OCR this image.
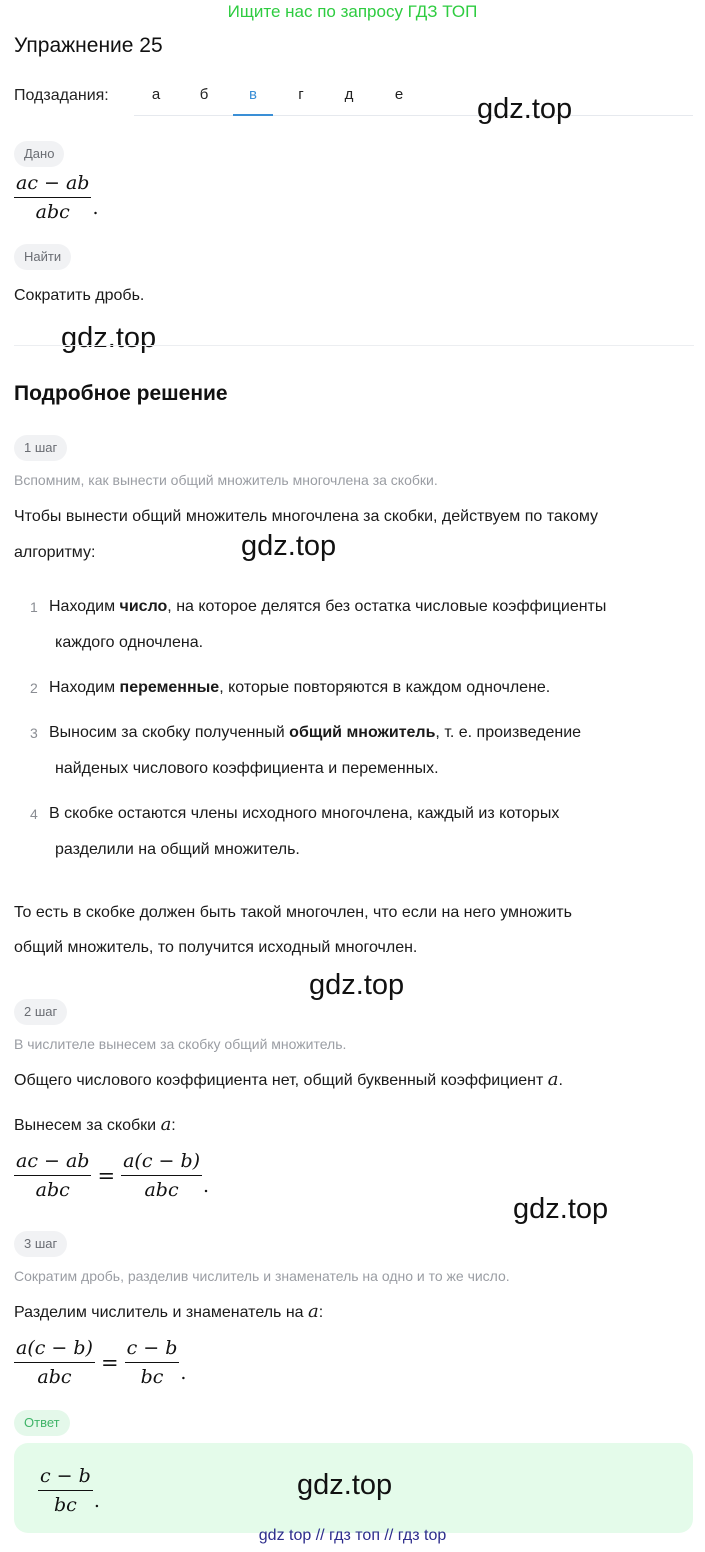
Ищите нас по запросу ГДЗ ТОП
Упражнение 25
Подзадания:	а	б	в	г	д	е	gdz.top
Дано
$\frac{ac - ab}{\text{abc}}$ .
Найти
Сократить дробь.
gdz.top
Подробное решение
1 шаг
Вспомним, как вынести общий множитель многочлена за скобки.
Чтобы вынести общий множитель многочлена за скобки, действуем по такому
алгоритму:	gdz.top
1 Находим число, на которое делятся без остатка числовые коэффициенты
каждого одночлена.
2 Находим переменные, которые повторяются в каждом одночлене.
3 Выносим за скобку полученный общий множитель, т. е. произведение
найденых числового коэффициента и переменных.
4 В скобке остаются члены исходного многочлена, каждый из которых
разделили на общий множитель.
То есть в скобке должен быть такой многочлен, что если на него умножить
общий множитель, то получится исходный многочлен.
gdz.top
2 шаг
В числителе вынесем за скобку общий множитель.
Общего числового коэффициента нет, общий буквенный коэффициент a.
Вынесем за скобки a:
$\frac{ac - ab}{\text{abc}} = \frac{a(c - b)}{\text{abc}}$ .
gdz.top
3 шаг
Сократим дробь, разделив числитель и знаменатель на одно и то же число.
Разделим числитель и знаменатель на a:
$\frac{a(c - b)}{\text{abc}} = \frac{c - b}{bc}$ .
Ответ
$\frac{c - b}{bc}$ .	gdz.top
gdz top // гдз топ // гдз top
